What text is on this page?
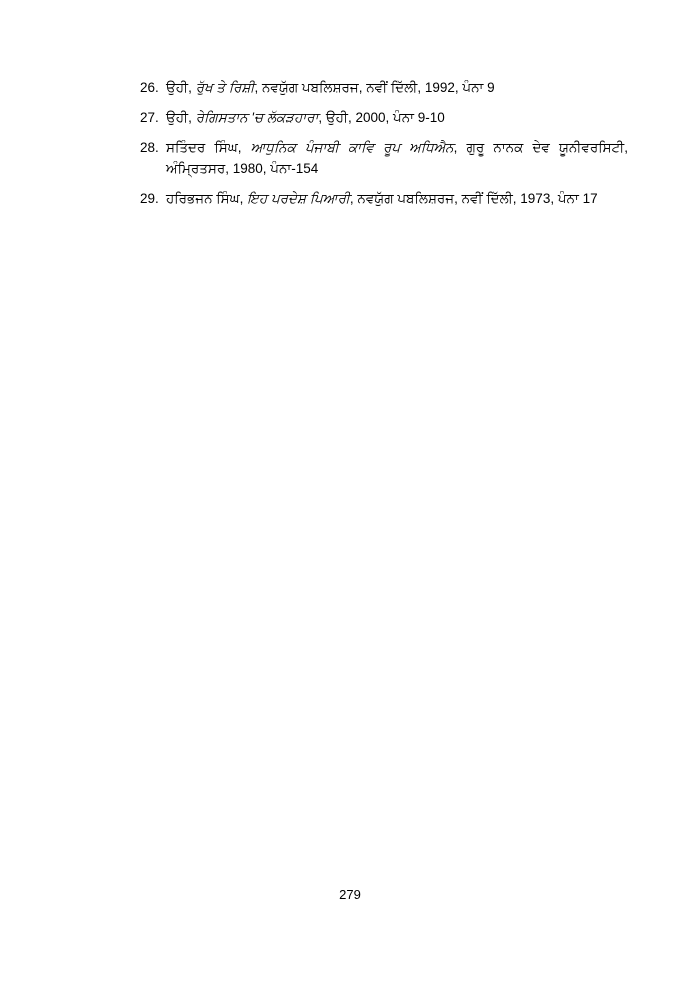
26. ਉਹੀ, ਰੁੱਖ ਤੇ ਰਿਸ਼ੀ, ਨਵਯੁੱਗ ਪਬਲਿਸ਼ਰਜ, ਨਵੀਂ ਦਿੱਲੀ, 1992, ਪੰਨਾ 9
27. ਉਹੀ, ਰੇਗਿਸਤਾਨ 'ਚ ਲੱਕੜਹਾਰਾ, ਉਹੀ, 2000, ਪੰਨਾ 9-10
28. ਸਤਿੰਦਰ ਸਿੰਘ, ਆਧੁਨਿਕ ਪੰਜਾਬੀ ਕਾਵਿ ਰੂਪ ਅਧਿਐਨ, ਗੁਰੂ ਨਾਨਕ ਦੇਵ ਯੂਨੀਵਰਸਿਟੀ, ਅੰਮ੍ਰਿਤਸਰ, 1980, ਪੰਨਾ-154
29. ਹਰਿਭਜਨ ਸਿੰਘ, ਇਹ ਪਰਦੇਸ਼ ਪਿਆਰੀ, ਨਵਯੁੱਗ ਪਬਲਿਸ਼ਰਜ, ਨਵੀਂ ਦਿੱਲੀ, 1973, ਪੰਨਾ 17
279
